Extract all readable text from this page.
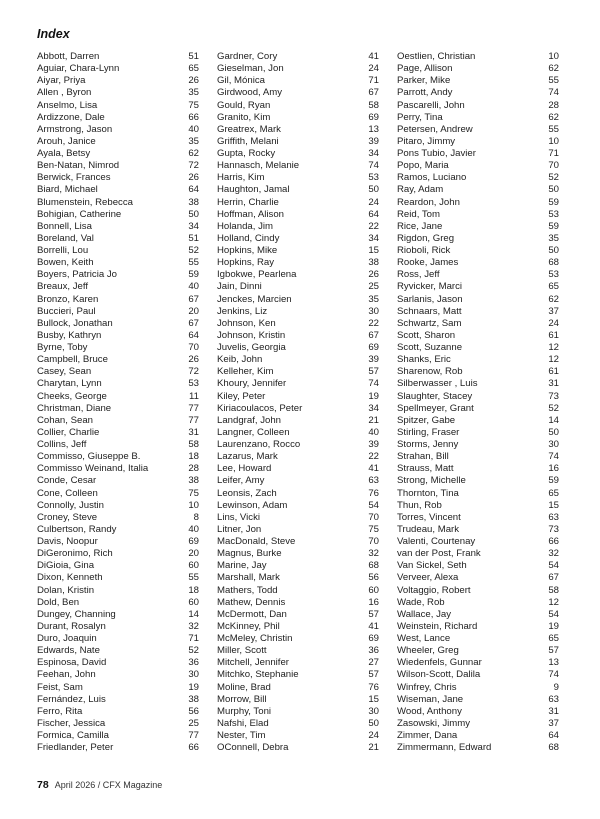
Index
Abbott, Darren	51
Aguiar, Chara-Lynn	65
Aiyar, Priya	26
Allen , Byron	35
Anselmo, Lisa	75
Ardizzone, Dale	66
Armstrong, Jason	40
Arouh, Janice	35
Ayala, Betsy	62
Ben-Natan, Nimrod	72
Berwick, Frances	26
Biard, Michael	64
Blumenstein, Rebecca	38
Bohigian, Catherine	50
Bonnell, Lisa	34
Boreland, Val	51
Borrelli, Lou	52
Bowen, Keith	55
Boyers, Patricia Jo	59
Breaux, Jeff	40
Bronzo, Karen	67
Buccieri, Paul	20
Bullock, Jonathan	67
Busby, Kathryn	64
Byrne, Toby	70
Campbell, Bruce	26
Casey, Sean	72
Charytan, Lynn	53
Cheeks, George	11
Christman, Diane	77
Cohan, Sean	77
Collier, Charlie	31
Collins, Jeff	58
Commisso, Giuseppe B.	18
Commisso Weinand, Italia	28
Conde, Cesar	38
Cone, Colleen	75
Connolly, Justin	10
Croney, Steve	8
Culbertson, Randy	40
Davis, Noopur	69
DiGeronimo, Rich	20
DiGioia, Gina	60
Dixon, Kenneth	55
Dolan, Kristin	18
Dold, Ben	60
Dungey, Channing	14
Durant, Rosalyn	32
Duro, Joaquin	71
Edwards, Nate	52
Espinosa, David	36
Feehan, John	30
Feist, Sam	19
Fernández, Luis	38
Ferro, Rita	56
Fischer, Jessica	25
Formica, Camilla	77
Friedlander, Peter	66
Gardner, Cory	41
Gieselman, Jon	24
Gil, Mónica	71
Girdwood, Amy	67
Gould, Ryan	58
Granito, Kim	69
Greatrex, Mark	13
Griffith, Melani	39
Gupta, Rocky	34
Hannasch, Melanie	74
Harris, Kim	53
Haughton, Jamal	50
Herrin, Charlie	24
Hoffman, Alison	64
Holanda, Jim	22
Holland, Cindy	34
Hopkins, Mike	15
Hopkins, Ray	38
Igbokwe, Pearlena	26
Jain, Dinni	25
Jenckes, Marcien	35
Jenkins, Liz	30
Johnson, Ken	22
Johnson, Kristin	67
Juvelis, Georgia	69
Keib, John	39
Kelleher, Kim	57
Khoury, Jennifer	74
Kiley, Peter	19
Kiriacoulacos, Peter	34
Landgraf, John	21
Langner, Colleen	40
Laurenzano, Rocco	39
Lazarus, Mark	22
Lee, Howard	41
Leifer, Amy	63
Leonsis, Zach	76
Lewinson, Adam	54
Lins, Vicki	70
Litner, Jon	75
MacDonald, Steve	70
Magnus, Burke	32
Marine, Jay	68
Marshall, Mark	56
Mathers, Todd	60
Mathew, Dennis	16
McDermott, Dan	57
McKinney, Phil	41
McMeley, Christin	69
Miller, Scott	36
Mitchell, Jennifer	27
Mitchko, Stephanie	57
Moline, Brad	76
Morrow, Bill	15
Murphy, Toni	30
Nafshi, Elad	50
Nester, Tim	24
OConnell, Debra	21
Oestlien, Christian	10
Page, Allison	62
Parker, Mike	55
Parrott, Andy	74
Pascarelli, John	28
Perry, Tina	62
Petersen, Andrew	55
Pitaro, Jimmy	10
Pons Tubio, Javier	71
Popo, Maria	70
Ramos, Luciano	52
Ray, Adam	50
Reardon, John	59
Reid, Tom	53
Rice, Jane	59
Rigdon, Greg	35
Rioboli, Rick	50
Rooke, James	68
Ross, Jeff	53
Ryvicker, Marci	65
Sarlanis, Jason	62
Schnaars, Matt	37
Schwartz, Sam	24
Scott, Sharon	61
Scott, Suzanne	12
Shanks, Eric	12
Sharenow, Rob	61
Silberwasser , Luis	31
Slaughter, Stacey	73
Spellmeyer, Grant	52
Spitzer, Gabe	14
Stirling, Fraser	50
Storms, Jenny	30
Strahan, Bill	74
Strauss, Matt	16
Strong, Michelle	59
Thornton, Tina	65
Thun, Rob	15
Torres, Vincent	63
Trudeau, Mark	73
Valenti, Courtenay	66
van der Post, Frank	32
Van Sickel, Seth	54
Verveer, Alexa	67
Voltaggio, Robert	58
Wade, Rob	12
Wallace, Jay	54
Weinstein, Richard	19
West, Lance	65
Wheeler, Greg	57
Wiedenfels, Gunnar	13
Wilson-Scott, Dalila	74
Winfrey, Chris	9
Wiseman, Jane	63
Wood, Anthony	31
Zasowski, Jimmy	37
Zimmer, Dana	64
Zimmermann, Edward	68
78 April 2026 / CFX Magazine
